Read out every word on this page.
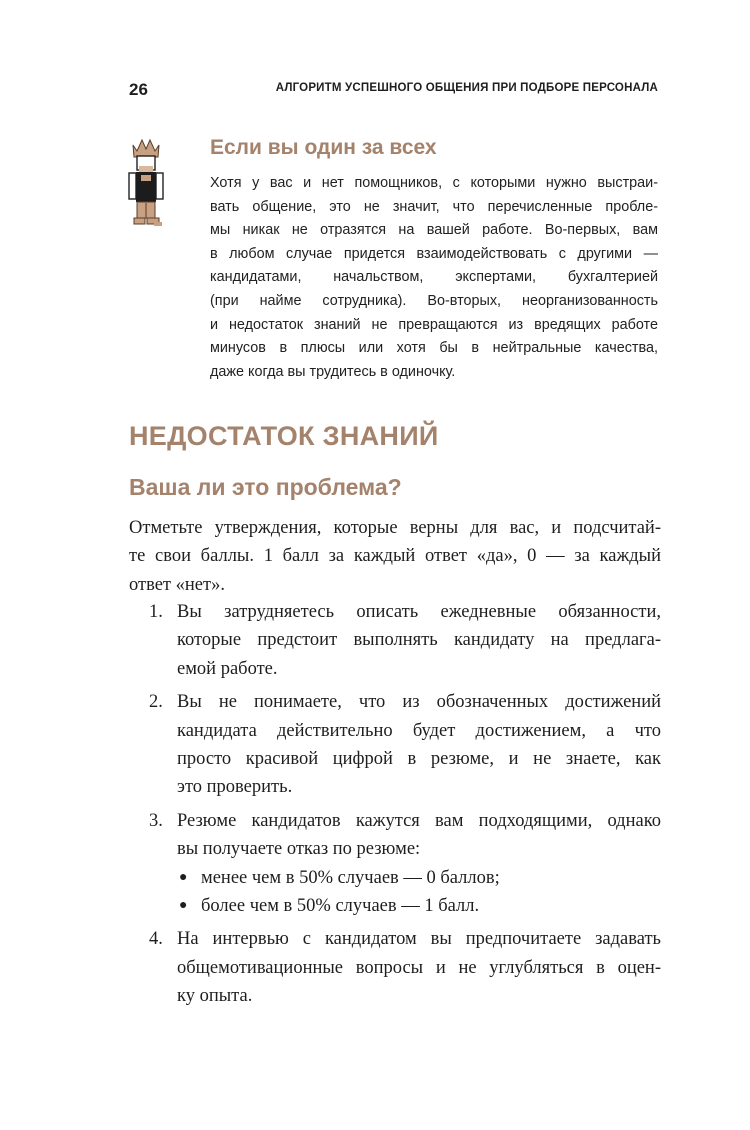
26	АЛГОРИТМ УСПЕШНОГО ОБЩЕНИЯ ПРИ ПОДБОРЕ ПЕРСОНАЛА
Если вы один за всех
Хотя у вас и нет помощников, с которыми нужно выстраи-
вать общение, это не значит, что перечисленные пробле-
мы никак не отразятся на вашей работе. Во-первых, вам
в любом случае придется взаимодействовать с другими —
кандидатами, начальством, экспертами, бухгалтерией
(при найме сотрудника). Во-вторых, неорганизованность
и недостаток знаний не превращаются из вредящих работе
минусов в плюсы или хотя бы в нейтральные качества,
даже когда вы трудитесь в одиночку.
НЕДОСТАТОК ЗНАНИЙ
Ваша ли это проблема?
Отметьте утверждения, которые верны для вас, и подсчитай-
те свои баллы. 1 балл за каждый ответ «да», 0 — за каждый
ответ «нет».
1. Вы затрудняетесь описать ежедневные обязанности,
которые предстоит выполнять кандидату на предлага-
емой работе.
2. Вы не понимаете, что из обозначенных достижений
кандидата действительно будет достижением, а что
просто красивой цифрой в резюме, и не знаете, как
это проверить.
3. Резюме кандидатов кажутся вам подходящими, однако
вы получаете отказ по резюме:
● менее чем в 50% случаев — 0 баллов;
● более чем в 50% случаев — 1 балл.
4. На интервью с кандидатом вы предпочитаете задавать
общемотивационные вопросы и не углубляться в оцен-
ку опыта.
